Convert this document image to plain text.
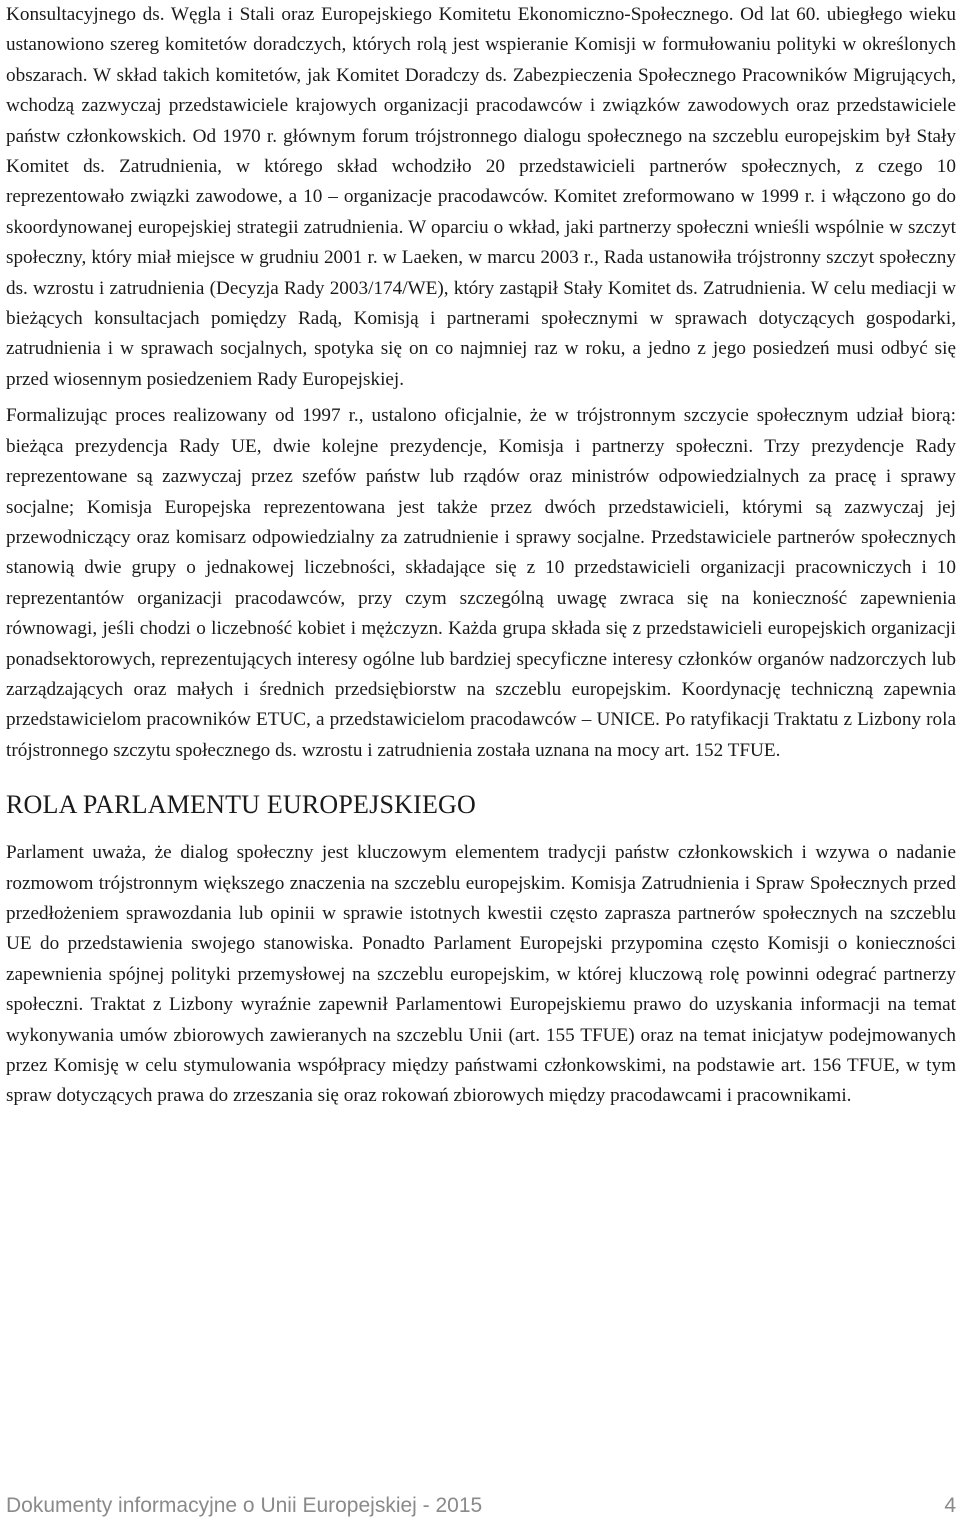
Konsultacyjnego ds. Węgla i Stali oraz Europejskiego Komitetu Ekonomiczno-Społecznego. Od lat 60. ubiegłego wieku ustanowiono szereg komitetów doradczych, których rolą jest wspieranie Komisji w formułowaniu polityki w określonych obszarach. W skład takich komitetów, jak Komitet Doradczy ds. Zabezpieczenia Społecznego Pracowników Migrujących, wchodzą zazwyczaj przedstawiciele krajowych organizacji pracodawców i związków zawodowych oraz przedstawiciele państw członkowskich. Od 1970 r. głównym forum trójstronnego dialogu społecznego na szczeblu europejskim był Stały Komitet ds. Zatrudnienia, w którego skład wchodziło 20 przedstawicieli partnerów społecznych, z czego 10 reprezentowało związki zawodowe, a 10 – organizacje pracodawców. Komitet zreformowano w 1999 r. i włączono go do skoordynowanej europejskiej strategii zatrudnienia. W oparciu o wkład, jaki partnerzy społeczni wnieśli wspólnie w szczyt społeczny, który miał miejsce w grudniu 2001 r. w Laeken, w marcu 2003 r., Rada ustanowiła trójstronny szczyt społeczny ds. wzrostu i zatrudnienia (Decyzja Rady 2003/174/WE), który zastąpił Stały Komitet ds. Zatrudnienia. W celu mediacji w bieżących konsultacjach pomiędzy Radą, Komisją i partnerami społecznymi w sprawach dotyczących gospodarki, zatrudnienia i w sprawach socjalnych, spotyka się on co najmniej raz w roku, a jedno z jego posiedzeń musi odbyć się przed wiosennym posiedzeniem Rady Europejskiej.

Formalizując proces realizowany od 1997 r., ustalono oficjalnie, że w trójstronnym szczycie społecznym udział biorą: bieżąca prezydencja Rady UE, dwie kolejne prezydencje, Komisja i partnerzy społeczni. Trzy prezydencje Rady reprezentowane są zazwyczaj przez szefów państw lub rządów oraz ministrów odpowiedzialnych za pracę i sprawy socjalne; Komisja Europejska reprezentowana jest także przez dwóch przedstawicieli, którymi są zazwyczaj jej przewodniczący oraz komisarz odpowiedzialny za zatrudnienie i sprawy socjalne. Przedstawiciele partnerów społecznych stanowią dwie grupy o jednakowej liczebności, składające się z 10 przedstawicieli organizacji pracowniczych i 10 reprezentantów organizacji pracodawców, przy czym szczególną uwagę zwraca się na konieczność zapewnienia równowagi, jeśli chodzi o liczebność kobiet i mężczyzn. Każda grupa składa się z przedstawicieli europejskich organizacji ponadsektorowych, reprezentujących interesy ogólne lub bardziej specyficzne interesy członków organów nadzorczych lub zarządzających oraz małych i średnich przedsiębiorstw na szczeblu europejskim. Koordynację techniczną zapewnia przedstawicielom pracowników ETUC, a przedstawicielom pracodawców – UNICE. Po ratyfikacji Traktatu z Lizbony rola trójstronnego szczytu społecznego ds. wzrostu i zatrudnienia została uznana na mocy art. 152 TFUE.

ROLA PARLAMENTU EUROPEJSKIEGO

Parlament uważa, że dialog społeczny jest kluczowym elementem tradycji państw członkowskich i wzywa o nadanie rozmowom trójstronnym większego znaczenia na szczeblu europejskim. Komisja Zatrudnienia i Spraw Społecznych przed przedłożeniem sprawozdania lub opinii w sprawie istotnych kwestii często zaprasza partnerów społecznych na szczeblu UE do przedstawienia swojego stanowiska. Ponadto Parlament Europejski przypomina często Komisji o konieczności zapewnienia spójnej polityki przemysłowej na szczeblu europejskim, w której kluczową rolę powinni odegrać partnerzy społeczni. Traktat z Lizbony wyraźnie zapewnił Parlamentowi Europejskiemu prawo do uzyskania informacji na temat wykonywania umów zbiorowych zawieranych na szczeblu Unii (art. 155 TFUE) oraz na temat inicjatyw podejmowanych przez Komisję w celu stymulowania współpracy między państwami członkowskimi, na podstawie art. 156 TFUE, w tym spraw dotyczących prawa do zrzeszania się oraz rokowań zbiorowych między pracodawcami i pracownikami.

Dokumenty informacyjne o Unii Europejskiej - 2015	4
